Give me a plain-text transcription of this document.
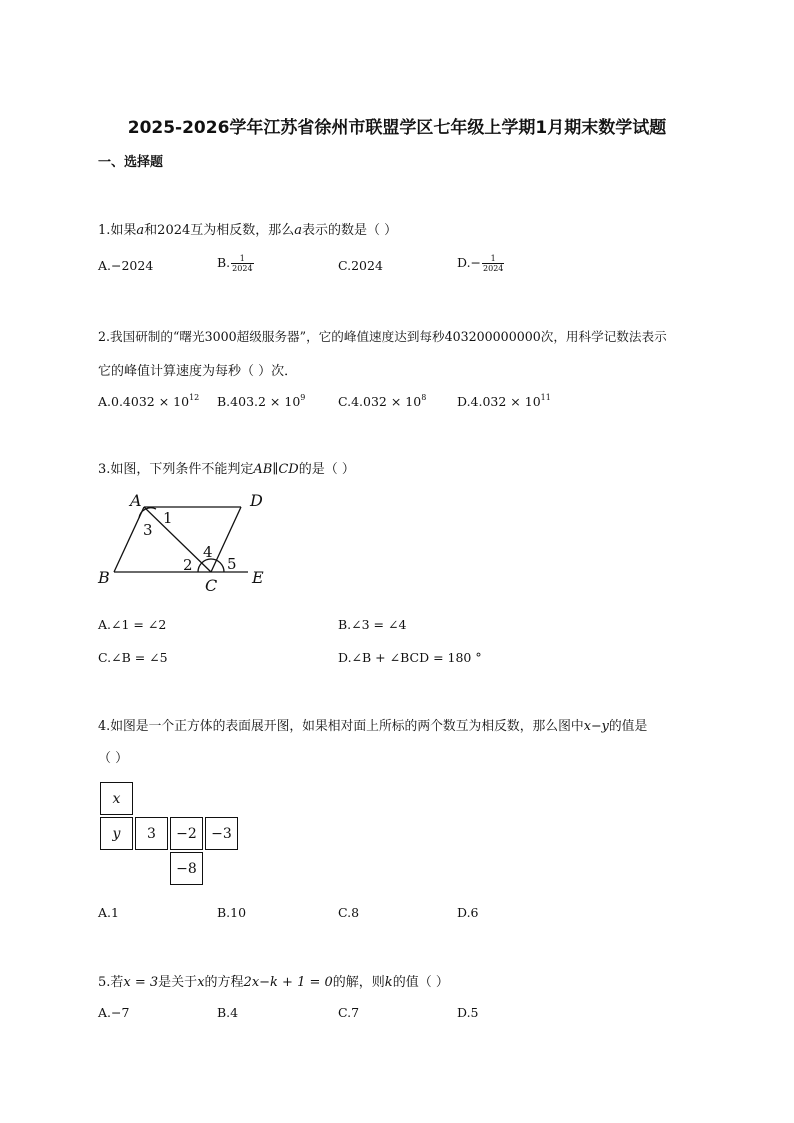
2025-2026学年江苏省徐州市联盟学区七年级上学期1月期末数学试题
一、选择题
1.如果a和2024互为相反数，那么a表示的数是（ ）
A.−2024	B. $\frac{1}{2024}$	C.2024	$D.- \frac{1}{2024}$
2.我国研制的“曙光3000超级服务器”，它的峰值速度达到每秒403200000000次，用科学记数法表示
它的峰值计算速度为每秒（ ）次．
$A.0.4032 \times 10^{12}$ $B.403.2 \times 10^9$	$C.4.032 \times 10^8$ $D.4.032 \times 10^{11}$
3.如图，下列条件不能判定AB∥CD的是（ ）
A	D
B	C E
1
3
2
4
5
A.∠1 = ∠2	B.∠3 = ∠4
C.∠B = ∠5	D.∠B + ∠BCD = 180 °
4.如图是一个正方体的表面展开图，如果相对面上所标的两个数互为相反数，那么图中x−y的值是
（ ）
x
y 3 −2 −3
−8
A.1	B.10	C.8	D.6
5.若x = 3是关于x的方程2x−k + 1 = 0的解，则k的值（ ）
A.−7	B.4	C.7	D.5
